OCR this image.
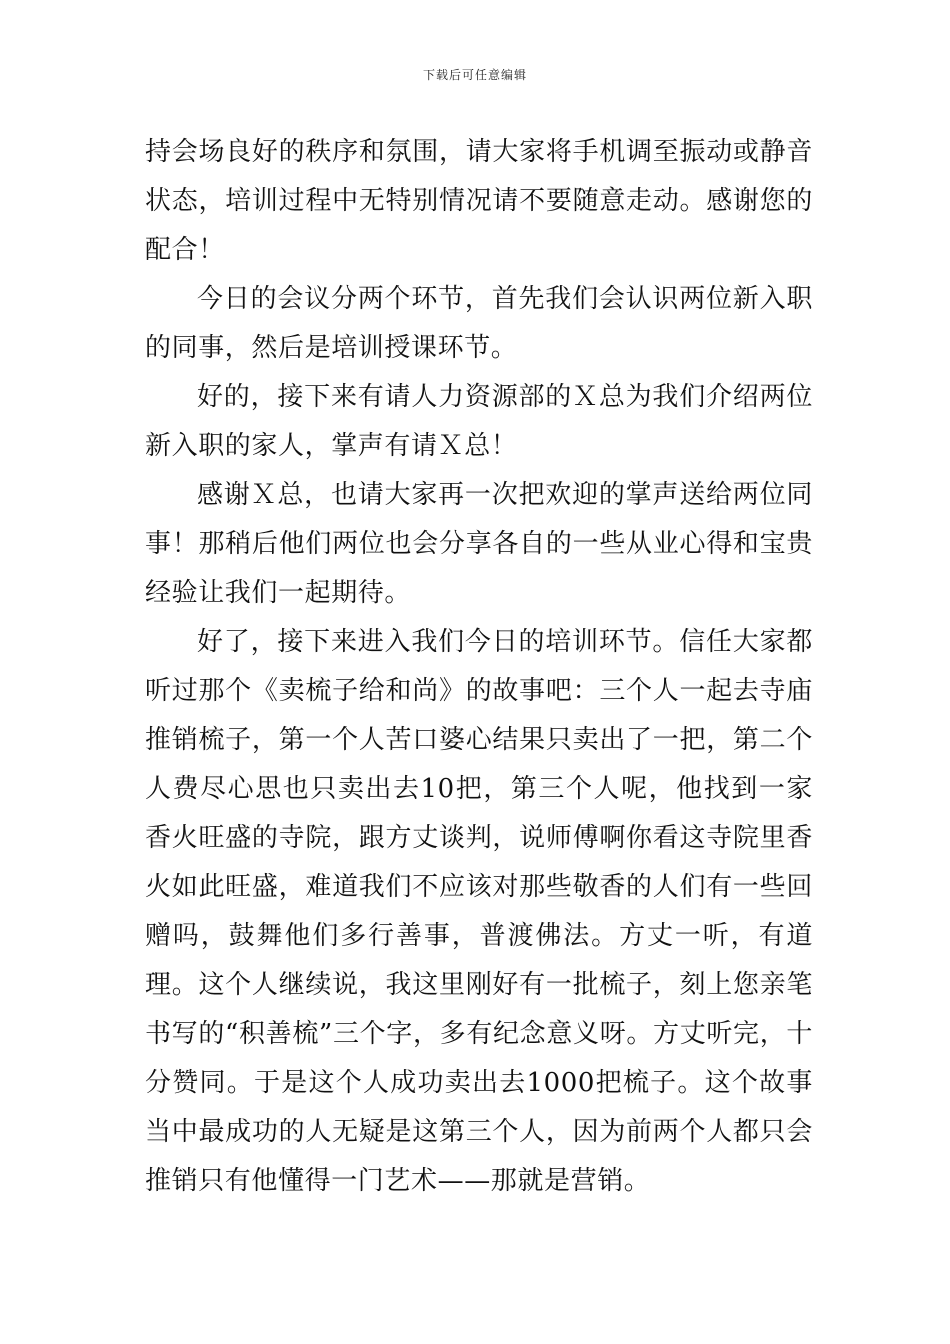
下载后可任意编辑

持会场良好的秩序和氛围，请大家将手机调至振动或静音状态，培训过程中无特别情况请不要随意走动。感谢您的配合！

今日的会议分两个环节，首先我们会认识两位新入职的同事，然后是培训授课环节。

好的，接下来有请人力资源部的Ｘ总为我们介绍两位新入职的家人，掌声有请Ｘ总！

感谢Ｘ总，也请大家再一次把欢迎的掌声送给两位同事！那稍后他们两位也会分享各自的一些从业心得和宝贵经验让我们一起期待。

好了，接下来进入我们今日的培训环节。信任大家都听过那个《卖梳子给和尚》的故事吧：三个人一起去寺庙推销梳子，第一个人苦口婆心结果只卖出了一把，第二个人费尽心思也只卖出去10把，第三个人呢，他找到一家香火旺盛的寺院，跟方丈谈判，说师傅啊你看这寺院里香火如此旺盛，难道我们不应该对那些敬香的人们有一些回赠吗，鼓舞他们多行善事，普渡佛法。方丈一听，有道理。这个人继续说，我这里刚好有一批梳子，刻上您亲笔书写的“积善梳”三个字，多有纪念意义呀。方丈听完，十分赞同。于是这个人成功卖出去1000把梳子。这个故事当中最成功的人无疑是这第三个人，因为前两个人都只会推销只有他懂得一门艺术——那就是营销。
